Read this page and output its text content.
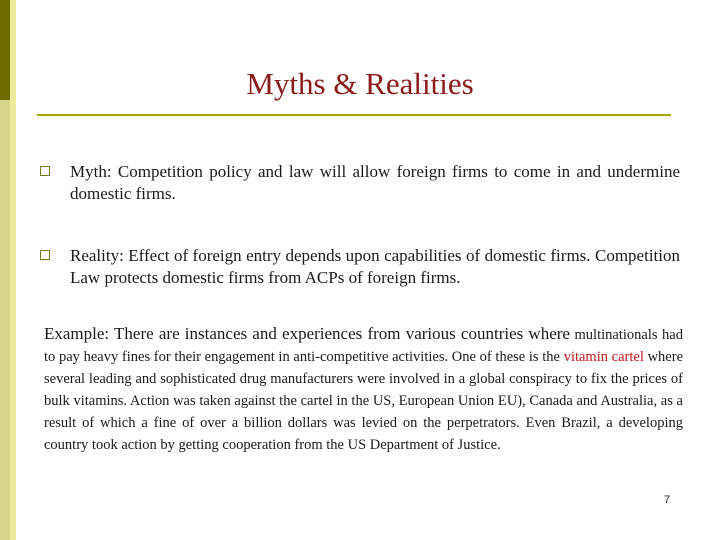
Myths & Realities
Myth: Competition policy and law will allow foreign firms to come in and undermine domestic firms.
Reality: Effect of foreign entry depends upon capabilities of domestic firms. Competition Law protects domestic firms from ACPs of foreign firms.
Example: There are instances and experiences from various countries where multinationals had to pay heavy fines for their engagement in anti-competitive activities. One of these is the vitamin cartel where several leading and sophisticated drug manufacturers were involved in a global conspiracy to fix the prices of bulk vitamins. Action was taken against the cartel in the US, European Union EU), Canada and Australia, as a result of which a fine of over a billion dollars was levied on the perpetrators. Even Brazil, a developing country took action by getting cooperation from the US Department of Justice.
7
